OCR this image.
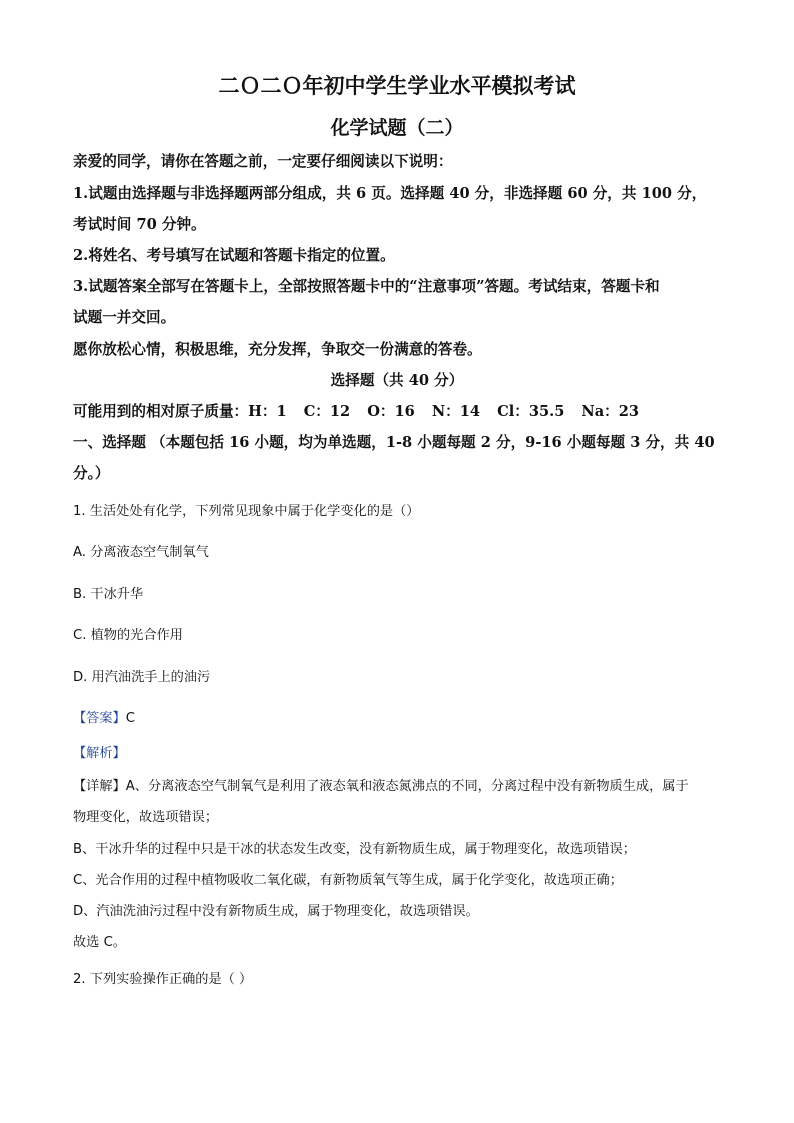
二Ｏ二Ｏ年初中学生学业水平模拟考试
化学试题（二）
亲爱的同学，请你在答题之前，一定要仔细阅读以下说明：
1.试题由选择题与非选择题两部分组成，共 6 页。选择题 40 分，非选择题 60 分，共 100 分，
考试时间 70 分钟。
2.将姓名、考号填写在试题和答题卡指定的位置。
3.试题答案全部写在答题卡上，全部按照答题卡中的“注意事项”答题。考试结束，答题卡和
试题一并交回。
愿你放松心情，积极思维，充分发挥，争取交一份满意的答卷。
选择题（共 40 分）
可能用到的相对原子质量：H：1 C：12 O：16 N：14 Cl：35.5 Na：23
一、选择题 （本题包括 16 小题，均为单选题，1-8 小题每题 2 分，9-16 小题每题 3 分，共 40
分。）
1. 生活处处有化学，下列常见现象中属于化学变化的是（）
A. 分离液态空气制氧气
B. 干冰升华
C. 植物的光合作用
D. 用汽油洗手上的油污
【答案】C
【解析】
【详解】A、分离液态空气制氧气是利用了液态氧和液态氮沸点的不同，分离过程中没有新物质生成，属于
物理变化，故选项错误；
B、干冰升华的过程中只是干冰的状态发生改变，没有新物质生成，属于物理变化，故选项错误；
C、光合作用的过程中植物吸收二氧化碳，有新物质氧气等生成，属于化学变化，故选项正确；
D、汽油洗油污过程中没有新物质生成，属于物理变化，故选项错误。
故选 C。
2. 下列实验操作正确的是（ ）
